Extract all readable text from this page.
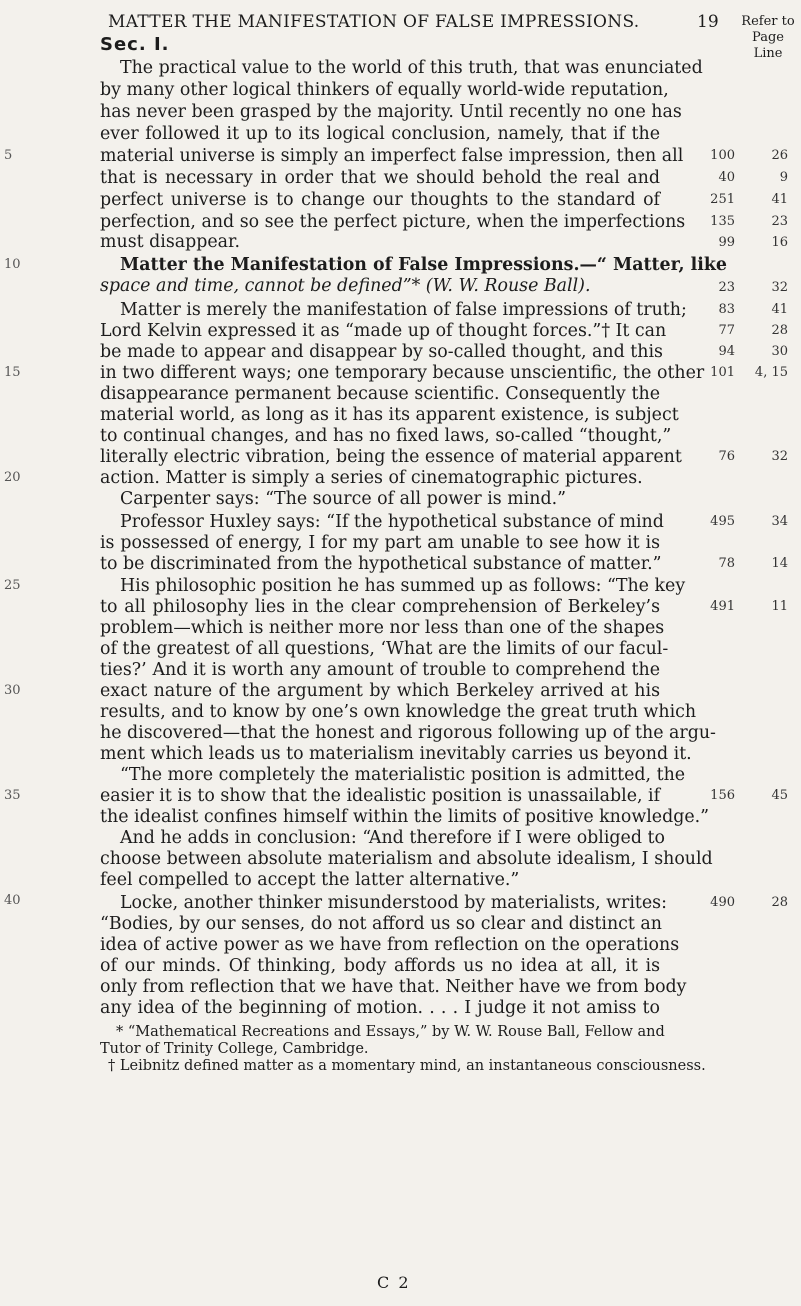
MATTER THE MANIFESTATION OF FALSE IMPRESSIONS.	19
Sec. I.
Refer to
Page Line
The practical value to the world of this truth, that was enunciated
by many other logical thinkers of equally world-wide reputation,
has never been grasped by the majority. Until recently no one has
ever followed it up to its logical conclusion, namely, that if the
material universe is simply an imperfect false impression, then all
that is necessary in order that we should behold the real and
perfect universe is to change our thoughts to the standard of
perfection, and so see the perfect picture, when the imperfections
must disappear.
Matter the Manifestation of False Impressions.—“ Matter, like
space and time, cannot be defined”* (W. W. Rouse Ball).
Matter is merely the manifestation of false impressions of truth;
Lord Kelvin expressed it as “made up of thought forces.”† It can
be made to appear and disappear by so-called thought, and this
in two different ways; one temporary because unscientific, the other
disappearance permanent because scientific. Consequently the
material world, as long as it has its apparent existence, is subject
to continual changes, and has no fixed laws, so-called “thought,”
literally electric vibration, being the essence of material apparent
action. Matter is simply a series of cinematographic pictures.
Carpenter says: “The source of all power is mind.”
Professor Huxley says: “If the hypothetical substance of mind
is possessed of energy, I for my part am unable to see how it is
to be discriminated from the hypothetical substance of matter.”
His philosophic position he has summed up as follows: “The key
to all philosophy lies in the clear comprehension of Berkeley’s
problem—which is neither more nor less than one of the shapes
of the greatest of all questions, ‘What are the limits of our facul-
ties?’ And it is worth any amount of trouble to comprehend the
exact nature of the argument by which Berkeley arrived at his
results, and to know by one’s own knowledge the great truth which
he discovered—that the honest and rigorous following up of the argu-
ment which leads us to materialism inevitably carries us beyond it.
“The more completely the materialistic position is admitted, the
easier it is to show that the idealistic position is unassailable, if
the idealist confines himself within the limits of positive knowledge.”
And he adds in conclusion: “And therefore if I were obliged to
choose between absolute materialism and absolute idealism, I should
feel compelled to accept the latter alternative.”
Locke, another thinker misunderstood by materialists, writes:
“Bodies, by our senses, do not afford us so clear and distinct an
idea of active power as we have from reflection on the operations
of our minds. Of thinking, body affords us no idea at all, it is
only from reflection that we have that. Neither have we from body
any idea of the beginning of motion. . . . I judge it not amiss to
* “Mathematical Recreations and Essays,” by W. W. Rouse Ball, Fellow and
Tutor of Trinity College, Cambridge.
† Leibnitz defined matter as a momentary mind, an instantaneous consciousness.
5
10
15
20
25
30
35
40
100	26
40	9
251	41
135	23
99	16
23	32
83	41
77	28
94	30
101	4, 15
76	32
495	34
78	14
491	11
156	45
490	28
C 2
